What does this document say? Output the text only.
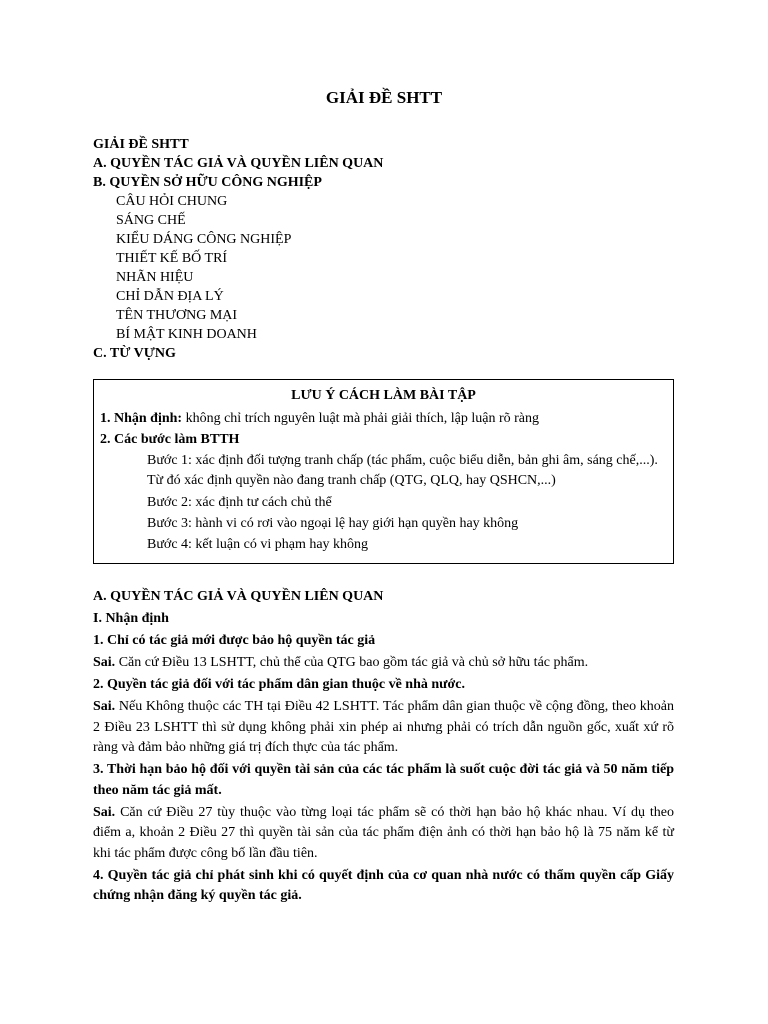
GIẢI ĐỀ SHTT
GIẢI ĐỀ SHTT
A. QUYỀN TÁC GIẢ VÀ QUYỀN LIÊN QUAN
B. QUYỀN SỞ HỮU CÔNG NGHIỆP
CÂU HỎI CHUNG
SÁNG CHẾ
KIỂU DÁNG CÔNG NGHIỆP
THIẾT KẾ BỐ TRÍ
NHÃN HIỆU
CHỈ DẪN ĐỊA LÝ
TÊN THƯƠNG MẠI
BÍ MẬT KINH DOANH
C. TỪ VỰNG
LƯU Ý CÁCH LÀM BÀI TẬP
1. Nhận định: không chỉ trích nguyên luật mà phải giải thích, lập luận rõ ràng
2. Các bước làm BTTH
Bước 1: xác định đối tượng tranh chấp (tác phẩm, cuộc biểu diễn, bản ghi âm, sáng chế,...).
Từ đó xác định quyền nào đang tranh chấp (QTG, QLQ, hay QSHCN,...)
Bước 2: xác định tư cách chủ thể
Bước 3: hành vi có rơi vào ngoại lệ hay giới hạn quyền hay không
Bước 4: kết luận có vi phạm hay không

A. QUYỀN TÁC GIẢ VÀ QUYỀN LIÊN QUAN

I. Nhận định

1. Chỉ có tác giả mới được bảo hộ quyền tác giả

Sai. Căn cứ Điều 13 LSHTT, chủ thể của QTG bao gồm tác giả và chủ sở hữu tác phẩm.

2. Quyền tác giả đối với tác phẩm dân gian thuộc về nhà nước.

Sai. Nếu Không thuộc các TH tại Điều 42 LSHTT. Tác phẩm dân gian thuộc về cộng đồng, theo khoản 2 Điều 23 LSHTT thì sử dụng không phải xin phép ai nhưng phải có trích dẫn nguồn gốc, xuất xứ rõ ràng và đảm bảo những giá trị đích thực của tác phẩm.

3. Thời hạn bảo hộ đối với quyền tài sản của các tác phẩm là suốt cuộc đời tác giả và 50 năm tiếp theo năm tác giả mất.

Sai. Căn cứ Điều 27 tùy thuộc vào từng loại tác phẩm sẽ có thời hạn bảo hộ khác nhau. Ví dụ theo điểm a, khoản 2 Điều 27 thì quyền tài sản của tác phẩm điện ảnh có thời hạn bảo hộ là 75 năm kể từ khi tác phẩm được công bố lần đầu tiên.

4. Quyền tác giả chỉ phát sinh khi có quyết định của cơ quan nhà nước có thẩm quyền cấp Giấy chứng nhận đăng ký quyền tác giả.
